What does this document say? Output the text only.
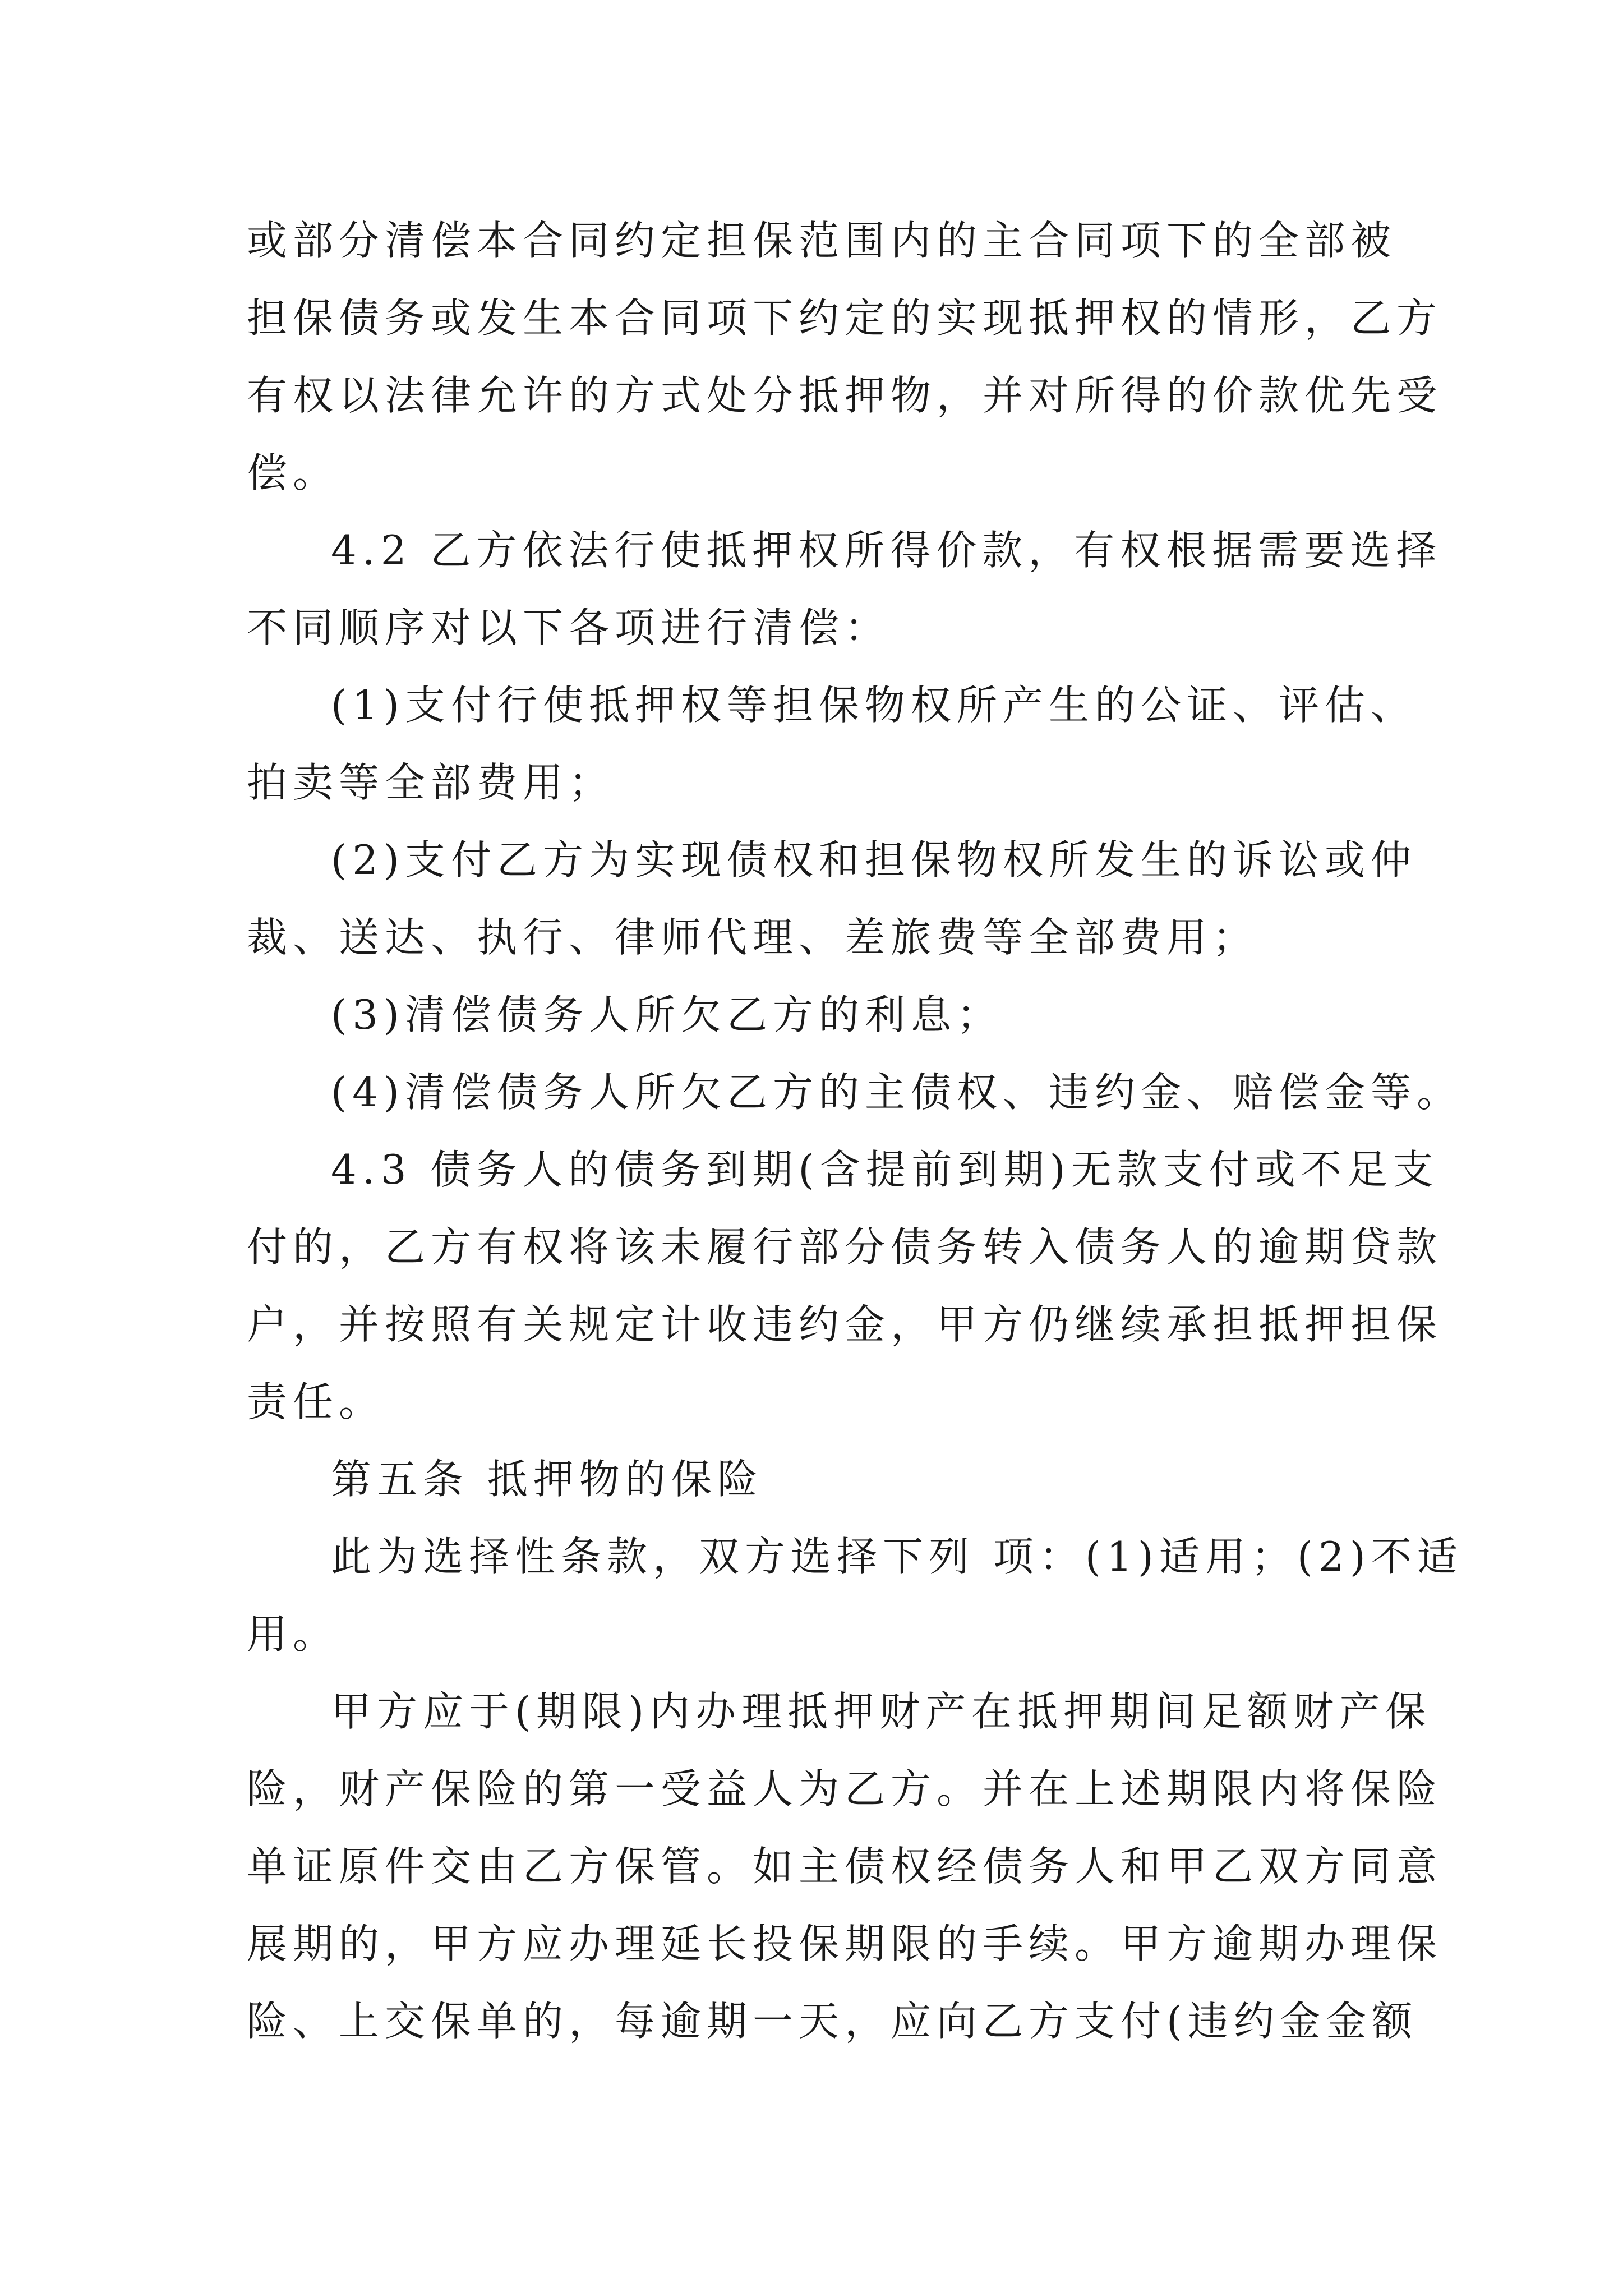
或部分清偿本合同约定担保范围内的主合同项下的全部被
担保债务或发生本合同项下约定的实现抵押权的情形，乙方
有权以法律允许的方式处分抵押物，并对所得的价款优先受
偿。
4.2 乙方依法行使抵押权所得价款，有权根据需要选择
不同顺序对以下各项进行清偿：
(1)支付行使抵押权等担保物权所产生的公证、评估、
拍卖等全部费用；
(2)支付乙方为实现债权和担保物权所发生的诉讼或仲
裁、送达、执行、律师代理、差旅费等全部费用；
(3)清偿债务人所欠乙方的利息；
(4)清偿债务人所欠乙方的主债权、违约金、赔偿金等。
4.3 债务人的债务到期(含提前到期)无款支付或不足支
付的，乙方有权将该未履行部分债务转入债务人的逾期贷款
户，并按照有关规定计收违约金，甲方仍继续承担抵押担保
责任。
第五条 抵押物的保险
此为选择性条款，双方选择下列 项：(1)适用；(2)不适
用。
甲方应于(期限)内办理抵押财产在抵押期间足额财产保
险，财产保险的第一受益人为乙方。并在上述期限内将保险
单证原件交由乙方保管。如主债权经债务人和甲乙双方同意
展期的，甲方应办理延长投保期限的手续。甲方逾期办理保
险、上交保单的，每逾期一天，应向乙方支付(违约金金额
